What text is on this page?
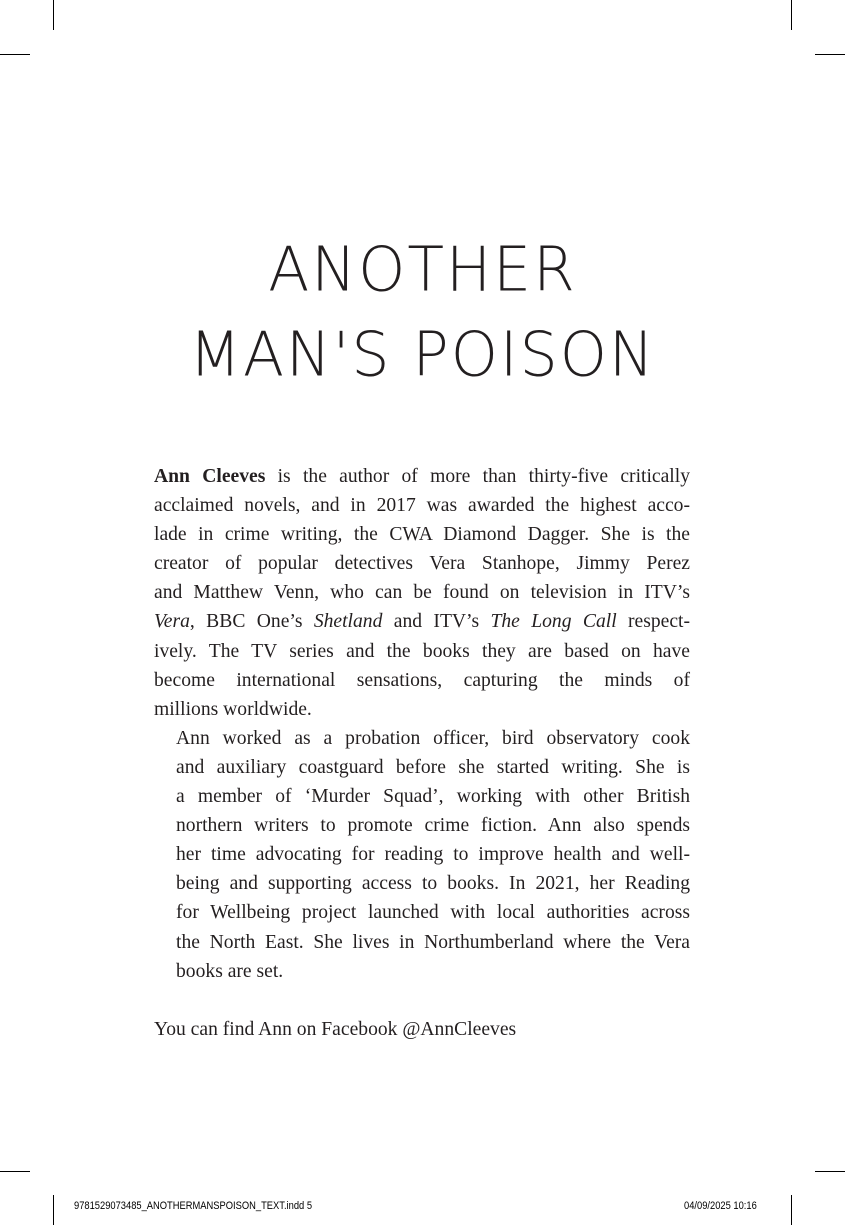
ANOTHER
MAN'S POISON

Ann Cleeves is the author of more than thirty-five critically
acclaimed novels, and in 2017 was awarded the highest acco-
lade in crime writing, the CWA Diamond Dagger. She is the
creator of popular detectives Vera Stanhope, Jimmy Perez
and Matthew Venn, who can be found on television in ITV’s
Vera, BBC One’s Shetland and ITV’s The Long Call respect-
ively. The TV series and the books they are based on have
become international sensations, capturing the minds of
millions worldwide.

Ann worked as a probation officer, bird observatory cook
and auxiliary coastguard before she started writing. She is
a member of ‘Murder Squad’, working with other British
northern writers to promote crime fiction. Ann also spends
her time advocating for reading to improve health and well-
being and supporting access to books. In 2021, her Reading
for Wellbeing project launched with local authorities across
the North East. She lives in Northumberland where the Vera
books are set.

You can find Ann on Facebook @AnnCleeves

9781529073485_ANOTHERMANSPOISON_TEXT.indd 5	04/09/2025 10:16
